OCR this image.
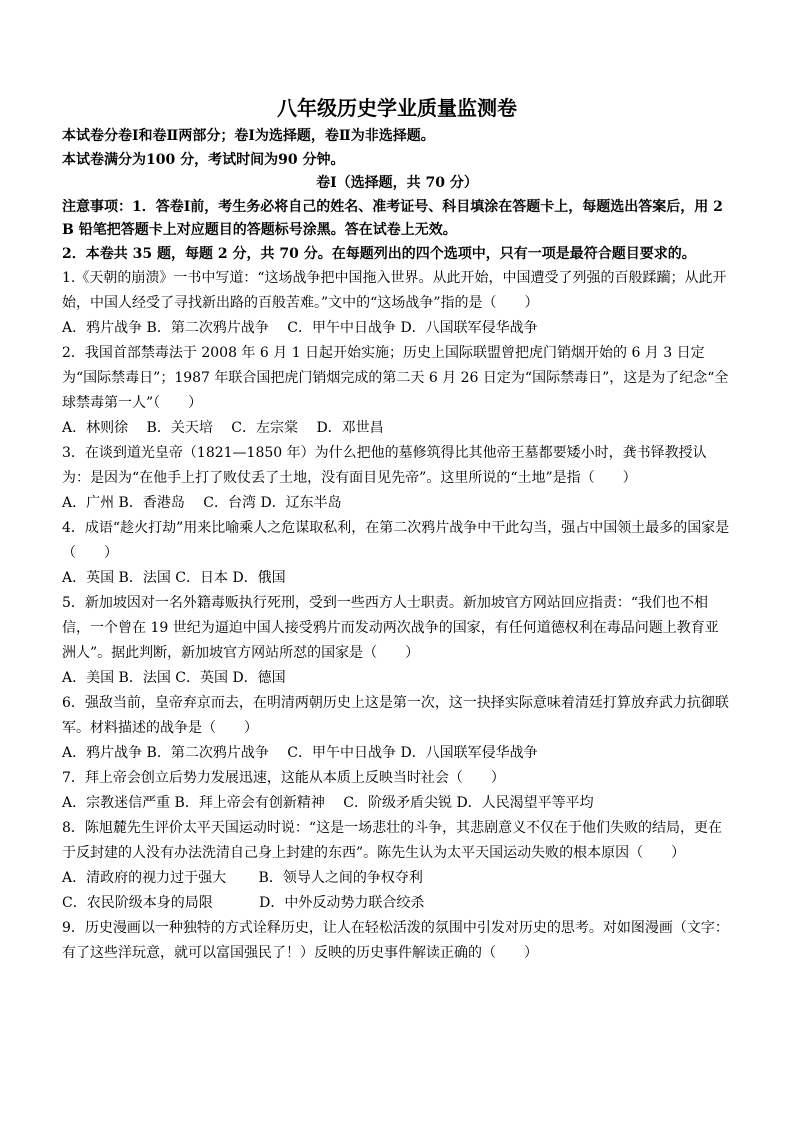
八年级历史学业质量监测卷
本试卷分卷Ⅰ和卷Ⅱ两部分；卷Ⅰ为选择题，卷Ⅱ为非选择题。
本试卷满分为100 分，考试时间为90 分钟。
卷Ⅰ（选择题，共 70 分）
注意事项：1．答卷Ⅰ前，考生务必将自己的姓名、准考证号、科目填涂在答题卡上，每题选出答案后，用 2B 铅笔把答题卡上对应题目的答题标号涂黑。答在试卷上无效。
2．本卷共 35 题，每题 2 分，共 70 分。在每题列出的四个选项中，只有一项是最符合题目要求的。
1.《天朝的崩溃》一书中写道：“这场战争把中国拖入世界。从此开始，中国遭受了列强的百般蹂躏；从此开始，中国人经受了寻找新出路的百般苦难。”文中的“这场战争”指的是（　　）
A．鸦片战争 B．第二次鸦片战争　 C．甲午中日战争 D．八国联军侵华战争
2．我国首部禁毒法于 2008 年 6 月 1 日起开始实施；历史上国际联盟曾把虎门销烟开始的 6 月 3 日定为“国际禁毒日”；1987 年联合国把虎门销烟完成的第二天 6 月 26 日定为“国际禁毒日”，这是为了纪念“全球禁毒第一人”（　　）
A．林则徐　 B．关天培　 C．左宗棠　 D．邓世昌
3．在谈到道光皇帝（1821—1850 年）为什么把他的墓修筑得比其他帝王墓都要矮小时，龚书铎教授认为：是因为“在他手上打了败仗丢了土地，没有面目见先帝”。这里所说的“土地”是指（　　）
A．广州 B．香港岛　 C．台湾 D．辽东半岛
4．成语“趁火打劫”用来比喻乘人之危谋取私利，在第二次鸦片战争中干此勾当，强占中国领土最多的国家是（　　）
A．英国 B．法国 C．日本 D．俄国
5．新加坡因对一名外籍毒贩执行死刑，受到一些西方人士职责。新加坡官方网站回应指责：“我们也不相信，一个曾在 19 世纪为逼迫中国人接受鸦片而发动两次战争的国家，有任何道德权利在毒品问题上教育亚洲人”。据此判断，新加坡官方网站所怼的国家是（　　）
A．美国 B．法国 C．英国 D．德国
6．强敌当前，皇帝弃京而去，在明清两朝历史上这是第一次，这一抉择实际意味着清廷打算放弃武力抗御联军。材料描述的战争是（　　）
A．鸦片战争 B．第二次鸦片战争　 C．甲午中日战争 D．八国联军侵华战争
7．拜上帝会创立后势力发展迅速，这能从本质上反映当时社会（　　）
A．宗教迷信严重 B．拜上帝会有创新精神　 C．阶级矛盾尖锐 D．人民渴望平等平均
8．陈旭麓先生评价太平天国运动时说：“这是一场悲壮的斗争，其悲剧意义不仅在于他们失败的结局，更在于反封建的人没有办法洗清自己身上封建的东西”。陈先生认为太平天国运动失败的根本原因（　　）
A．清政府的视力过于强大　　 B．领导人之间的争权夺利
C．农民阶级本身的局限　　　 D．中外反动势力联合绞杀
9．历史漫画以一种独特的方式诠释历史，让人在轻松活泼的氛围中引发对历史的思考。对如图漫画（文字：有了这些洋玩意，就可以富国强民了！）反映的历史事件解读正确的（　　）
